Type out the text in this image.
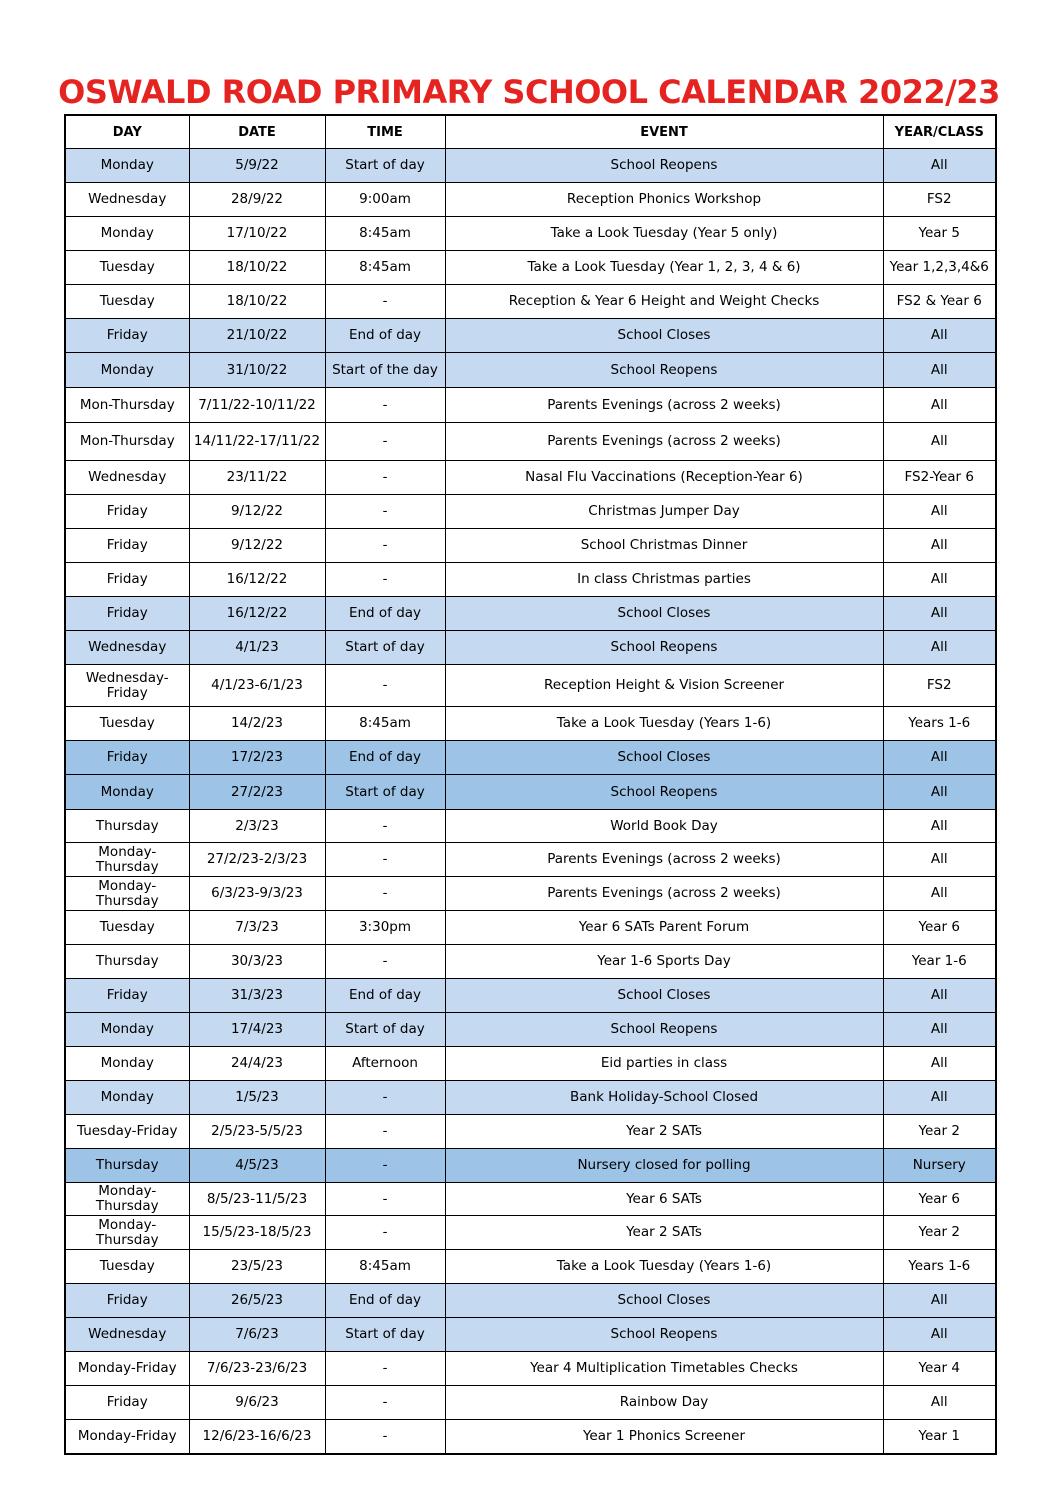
OSWALD ROAD PRIMARY SCHOOL CALENDAR 2022/23
DAY	DATE	TIME	EVENT	YEAR/CLASS
Monday	5/9/22	Start of day	School Reopens	All
Wednesday	28/9/22	9:00am	Reception Phonics Workshop	FS2
Monday	17/10/22	8:45am	Take a Look Tuesday (Year 5 only)	Year 5
Tuesday	18/10/22	8:45am	Take a Look Tuesday (Year 1, 2, 3, 4 & 6)	Year 1,2,3,4&6
Tuesday	18/10/22	-	Reception & Year 6 Height and Weight Checks	FS2 & Year 6
Friday	21/10/22	End of day	School Closes	All
Monday	31/10/22	Start of the day	School Reopens	All
Mon-Thursday	7/11/22-10/11/22	-	Parents Evenings (across 2 weeks)	All
Mon-Thursday	14/11/22-17/11/22	-	Parents Evenings (across 2 weeks)	All
Wednesday	23/11/22	-	Nasal Flu Vaccinations (Reception-Year 6)	FS2-Year 6
Friday	9/12/22	-	Christmas Jumper Day	All
Friday	9/12/22	-	School Christmas Dinner	All
Friday	16/12/22	-	In class Christmas parties	All
Friday	16/12/22	End of day	School Closes	All
Wednesday	4/1/23	Start of day	School Reopens	All
Wednesday-Friday	4/1/23-6/1/23	-	Reception Height & Vision Screener	FS2
Tuesday	14/2/23	8:45am	Take a Look Tuesday (Years 1-6)	Years 1-6
Friday	17/2/23	End of day	School Closes	All
Monday	27/2/23	Start of day	School Reopens	All
Thursday	2/3/23	-	World Book Day	All
Monday-Thursday	27/2/23-2/3/23	-	Parents Evenings (across 2 weeks)	All
Monday-Thursday	6/3/23-9/3/23	-	Parents Evenings (across 2 weeks)	All
Tuesday	7/3/23	3:30pm	Year 6 SATs Parent Forum	Year 6
Thursday	30/3/23	-	Year 1-6 Sports Day	Year 1-6
Friday	31/3/23	End of day	School Closes	All
Monday	17/4/23	Start of day	School Reopens	All
Monday	24/4/23	Afternoon	Eid parties in class	All
Monday	1/5/23	-	Bank Holiday-School Closed	All
Tuesday-Friday	2/5/23-5/5/23	-	Year 2 SATs	Year 2
Thursday	4/5/23	-	Nursery closed for polling	Nursery
Monday-Thursday	8/5/23-11/5/23	-	Year 6 SATs	Year 6
Monday-Thursday	15/5/23-18/5/23	-	Year 2 SATs	Year 2
Tuesday	23/5/23	8:45am	Take a Look Tuesday (Years 1-6)	Years 1-6
Friday	26/5/23	End of day	School Closes	All
Wednesday	7/6/23	Start of day	School Reopens	All
Monday-Friday	7/6/23-23/6/23	-	Year 4 Multiplication Timetables Checks	Year 4
Friday	9/6/23	-	Rainbow Day	All
Monday-Friday	12/6/23-16/6/23	-	Year 1 Phonics Screener	Year 1
